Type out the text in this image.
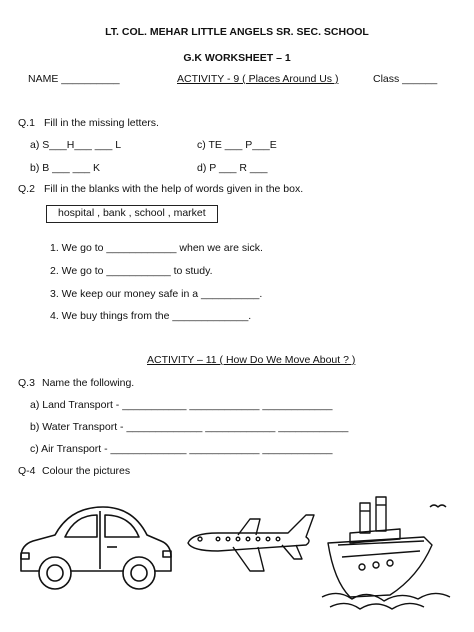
LT. COL. MEHAR LITTLE ANGELS SR. SEC. SCHOOL
G.K WORKSHEET – 1
NAME __________	ACTIVITY - 9 ( Places Around Us )	Class ______
Q.1 Fill in the missing letters.
a) S___H___ ___ L	c) TE ___ P___E
b) B ___ ___ K	d) P ___ R ___
Q.2 Fill in the blanks with the help of words given in the box.
hospital , bank , school , market
1. We go to ____________ when we are sick.
2. We go to ___________ to study.
3. We keep our money safe in a __________.
4. We buy things from the _____________.
ACTIVITY – 11 ( How Do We Move About ? )
Q.3 Name the following.
a) Land Transport - ___________ ____________ ____________
b) Water Transport - _____________ ____________ ____________
c) Air Transport - _____________ ____________ ____________
Q-4 Colour the pictures
